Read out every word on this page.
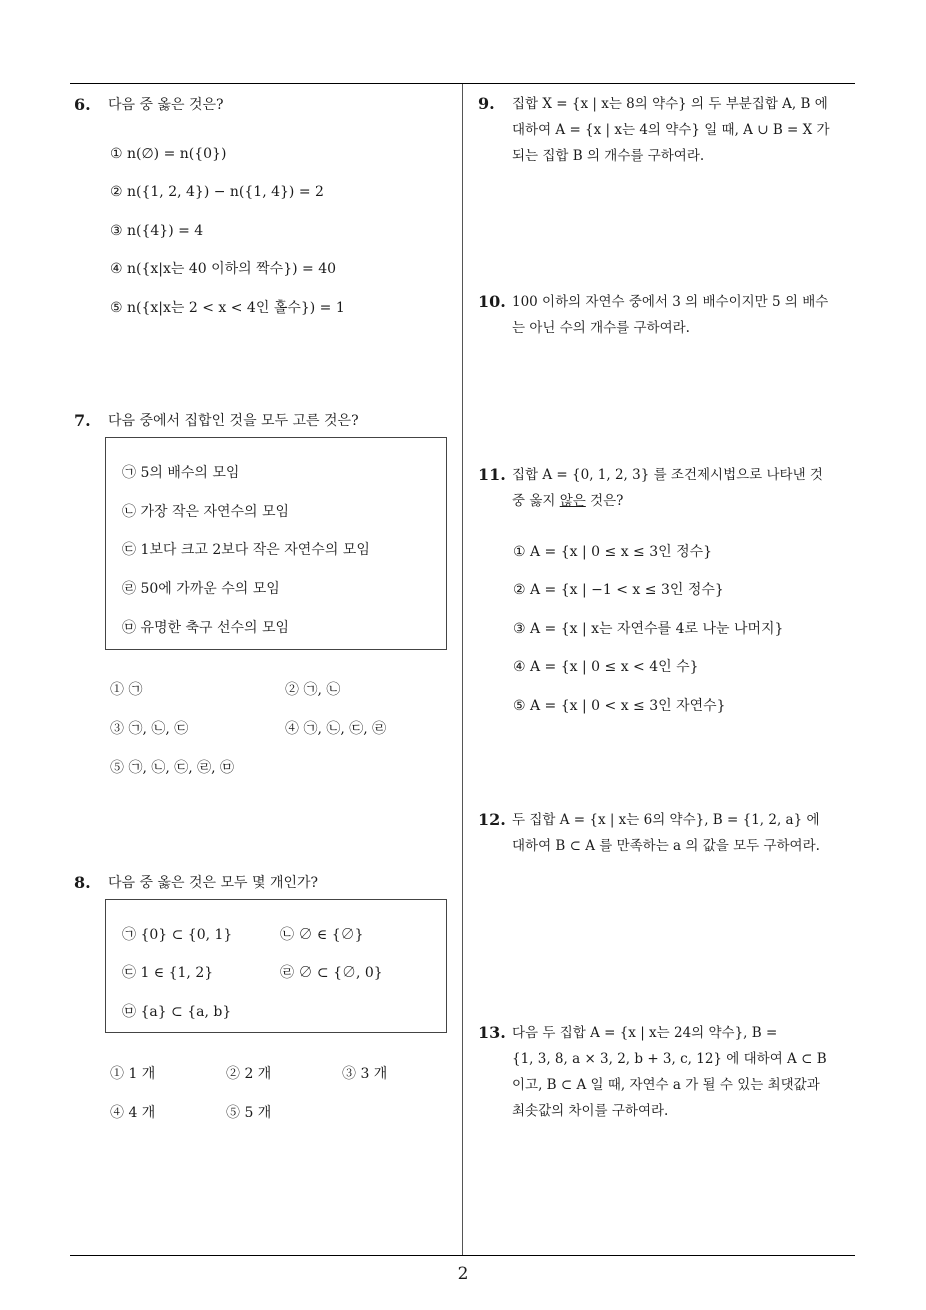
2
6. 다음 중 옳은 것은?
① n(∅) = n({0})
② n({1, 2, 4}) − n({1, 4}) = 2
③ n({4}) = 4
④ n({x|x는 40 이하의 짝수}) = 40
⑤ n({x|x는 2 < x < 4인 홀수}) = 1
7. 다음 중에서 집합인 것을 모두 고른 것은?
㉠ 5의 배수의 모임
㉡ 가장 작은 자연수의 모임
㉢ 1보다 크고 2보다 작은 자연수의 모임
㉣ 50에 가까운 수의 모임
㉤ 유명한 축구 선수의 모임
① ㉠	② ㉠, ㉡
③ ㉠, ㉡, ㉢	④ ㉠, ㉡, ㉢, ㉣
⑤ ㉠, ㉡, ㉢, ㉣, ㉤
8. 다음 중 옳은 것은 모두 몇 개인가?
㉠ {0} ⊂ {0, 1}	㉡ ∅ ∈ {∅}
㉢ 1 ∈ {1, 2}	㉣ ∅ ⊂ {∅, 0}
㉤ {a} ⊂ {a, b}
① 1 개	② 2 개	③ 3 개
④ 4 개	⑤ 5 개
9. 집합 X = {x | x는 8의 약수} 의 두 부분집합 A, B 에
대하여 A = {x | x는 4의 약수} 일 때, A ∪ B = X 가
되는 집합 B 의 개수를 구하여라.
10. 100 이하의 자연수 중에서 3 의 배수이지만 5 의 배수
는 아닌 수의 개수를 구하여라.
11. 집합 A = {0, 1, 2, 3} 를 조건제시법으로 나타낸 것
중 옳지 않은 것은?
① A = {x | 0 ≤ x ≤ 3인 정수}
② A = {x | −1 < x ≤ 3인 정수}
③ A = {x | x는 자연수를 4로 나눈 나머지}
④ A = {x | 0 ≤ x < 4인 수}
⑤ A = {x | 0 < x ≤ 3인 자연수}
12. 두 집합 A = {x | x는 6의 약수}, B = {1, 2, a} 에
대하여 B ⊂ A 를 만족하는 a 의 값을 모두 구하여라.
13. 다음 두 집합 A = {x | x는 24의 약수}, B =
{1, 3, 8, a × 3, 2, b + 3, c, 12} 에 대하여 A ⊂ B
이고, B ⊂ A 일 때, 자연수 a 가 될 수 있는 최댓값과
최솟값의 차이를 구하여라.
